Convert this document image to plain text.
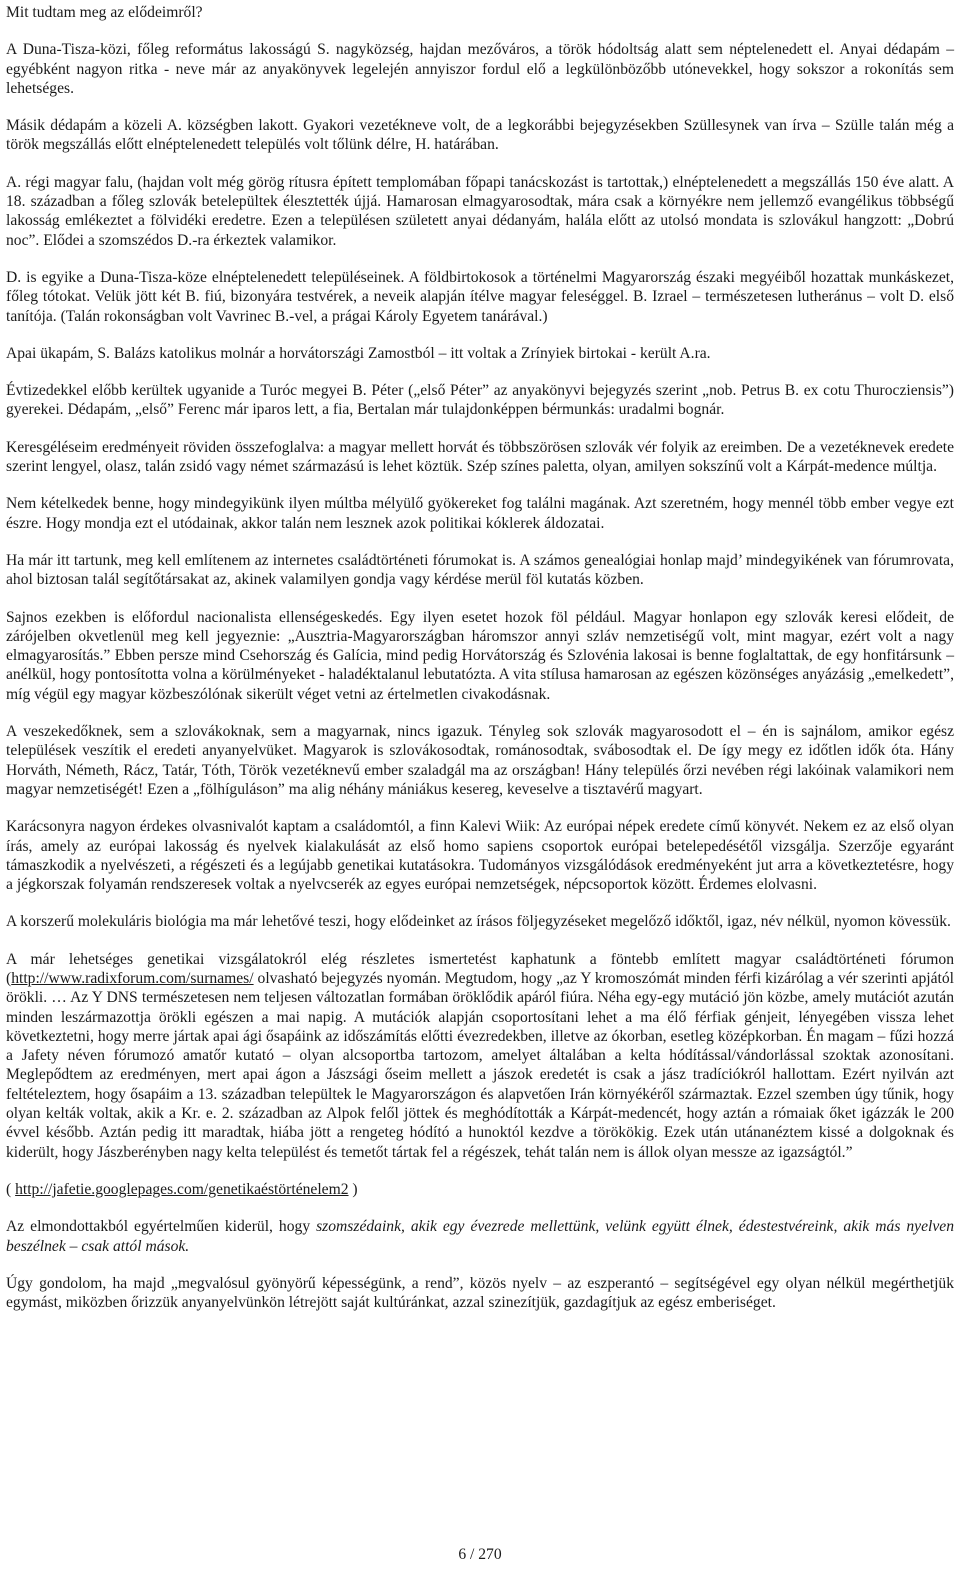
Mit tudtam meg az elődeimről?

A Duna-Tisza-közi, főleg református lakosságú S. nagyközség, hajdan mezőváros, a török hódoltság alatt sem néptelenedett el. Anyai dédapám – egyébként nagyon ritka - neve már az anyakönyvek legelején annyiszor fordul elő a legkülönbözőbb utónevekkel, hogy sokszor a rokonítás sem lehetséges.

Másik dédapám a közeli A. községben lakott. Gyakori vezetékneve volt, de a legkorábbi bejegyzésekben Szüllesynek van írva – Szülle talán még a török megszállás előtt elnéptelenedett település volt tőlünk délre, H. határában.

A. régi magyar falu, (hajdan volt még görög rítusra épített templomában főpapi tanácskozást is tartottak,) elnéptelenedett a megszállás 150 éve alatt. A 18. században a főleg szlovák betelepültek élesztették újjá. Hamarosan elmagyarosodtak, mára csak a környékre nem jellemző evangélikus többségű lakosság emlékeztet a fölvidéki eredetre. Ezen a településen született anyai dédanyám, halála előtt az utolsó mondata is szlovákul hangzott: „Dobrú noc”. Elődei a szomszédos D.-ra érkeztek valamikor.

D. is egyike a Duna-Tisza-köze elnéptelenedett településeinek. A földbirtokosok a történelmi Magyarország északi megyéiből hozattak munkáskezet, főleg tótokat. Velük jött két B. fiú, bizonyára testvérek, a neveik alapján ítélve magyar feleséggel. B. Izrael – természetesen lutheránus – volt D. első tanítója. (Talán rokonságban volt Vavrinec B.-vel, a prágai Károly Egyetem tanárával.)

Apai ükapám, S. Balázs katolikus molnár a horvátországi Zamostból – itt voltak a Zrínyiek birtokai - került A.ra.

Évtizedekkel előbb kerültek ugyanide a Turóc megyei B. Péter („első Péter” az anyakönyvi bejegyzés szerint „nob. Petrus B. ex cotu Thurocziensis”) gyerekei. Dédapám, „első” Ferenc már iparos lett, a fia, Bertalan már tulajdonképpen bérmunkás: uradalmi bognár.

Keresgéléseim eredményeit röviden összefoglalva: a magyar mellett horvát és többszörösen szlovák vér folyik az ereimben. De a vezetéknevek eredete szerint lengyel, olasz, talán zsidó vagy német származású is lehet köztük. Szép színes paletta, olyan, amilyen sokszínű volt a Kárpát-medence múltja.

Nem kételkedek benne, hogy mindegyikünk ilyen múltba mélyülő gyökereket fog találni magának. Azt szeretném, hogy mennél több ember vegye ezt észre. Hogy mondja ezt el utódainak, akkor talán nem lesznek azok politikai kóklerek áldozatai.

Ha már itt tartunk, meg kell említenem az internetes családtörténeti fórumokat is. A számos genealógiai honlap majd’ mindegyikének van fórumrovata, ahol biztosan talál segítőtársakat az, akinek valamilyen gondja vagy kérdése merül föl kutatás közben.

Sajnos ezekben is előfordul nacionalista ellenségeskedés. Egy ilyen esetet hozok föl például. Magyar honlapon egy szlovák keresi elődeit, de zárójelben okvetlenül meg kell jegyeznie: „Ausztria-Magyarországban háromszor annyi szláv nemzetiségű volt, mint magyar, ezért volt a nagy elmagyarosítás.” Ebben persze mind Csehország és Galícia, mind pedig Horvátország és Szlovénia lakosai is benne foglaltattak, de egy honfitársunk – anélkül, hogy pontosította volna a körülményeket - haladéktalanul lebutatózta. A vita stílusa hamarosan az egészen közönséges anyázásig „emelkedett”, míg végül egy magyar közbeszólónak sikerült véget vetni az értelmetlen civakodásnak.

A veszekedőknek, sem a szlovákoknak, sem a magyarnak, nincs igazuk. Tényleg sok szlovák magyarosodott el – én is sajnálom, amikor egész települések veszítik el eredeti anyanyelvüket. Magyarok is szlovákosodtak, románosodtak, svábosodtak el. De így megy ez időtlen idők óta. Hány Horváth, Németh, Rácz, Tatár, Tóth, Török vezetéknevű ember szaladgál ma az országban! Hány település őrzi nevében régi lakóinak valamikori nem magyar nemzetiségét! Ezen a „fölhíguláson” ma alig néhány mániákus kesereg, keveselve a tisztavérű magyart.

Karácsonyra nagyon érdekes olvasnivalót kaptam a családomtól, a finn Kalevi Wiik: Az európai népek eredete című könyvét. Nekem ez az első olyan írás, amely az európai lakosság és nyelvek kialakulását az első homo sapiens csoportok európai betelepedésétől vizsgálja. Szerzője egyaránt támaszkodik a nyelvészeti, a régészeti és a legújabb genetikai kutatásokra. Tudományos vizsgálódások eredményeként jut arra a következtetésre, hogy a jégkorszak folyamán rendszeresek voltak a nyelvcserék az egyes európai nemzetségek, népcsoportok között. Érdemes elolvasni.

A korszerű molekuláris biológia ma már lehetővé teszi, hogy elődeinket az írásos följegyzéseket megelőző időktől, igaz, név nélkül, nyomon kövessük.

A már lehetséges genetikai vizsgálatokról elég részletes ismertetést kaphatunk a föntebb említett magyar családtörténeti fórumon (http://www.radixforum.com/surnames/ olvasható bejegyzés nyomán. Megtudom, hogy „az Y kromoszómát minden férfi kizárólag a vér szerinti apjától örökli. … Az Y DNS természetesen nem teljesen változatlan formában öröklődik apáról fiúra. Néha egy-egy mutáció jön közbe, amely mutációt azután minden leszármazottja örökli egészen a mai napig. A mutációk alapján csoportosítani lehet a ma élő férfiak génjeit, lényegében vissza lehet következtetni, hogy merre jártak apai ági ősapáink az időszámítás előtti évezredekben, illetve az ókorban, esetleg középkorban. Én magam – fűzi hozzá a Jafety néven fórumozó amatőr kutató – olyan alcsoportba tartozom, amelyet általában a kelta hódítással/vándorlással szoktak azonosítani. Meglepődtem az eredményen, mert apai ágon a Jászsági őseim mellett a jászok eredetét is csak a jász tradíciókról hallottam. Ezért nyilván azt feltételeztem, hogy ősapáim a 13. században települtek le Magyarországon és alapvetően Irán környékéről származtak. Ezzel szemben úgy tűnik, hogy olyan kelták voltak, akik a Kr. e. 2. században az Alpok felől jöttek és meghódították a Kárpát-medencét, hogy aztán a rómaiak őket igázzák le 200 évvel később. Aztán pedig itt maradtak, hiába jött a rengeteg hódító a hunoktól kezdve a törökökig. Ezek után utánanéztem kissé a dolgoknak és kiderült, hogy Jászberényben nagy kelta települést és temetőt tártak fel a régészek, tehát talán nem is állok olyan messze az igazságtól.”

( http://jafetie.googlepages.com/genetikaéstörténelem2 )

Az elmondottakból egyértelműen kiderül, hogy szomszédaink, akik egy évezrede mellettünk, velünk együtt élnek, édestestvéreink, akik más nyelven beszélnek – csak attól mások.

Úgy gondolom, ha majd „megvalósul gyönyörű képességünk, a rend”, közös nyelv – az eszperantó – segítségével egy olyan nélkül megérthetjük egymást, miközben őrizzük anyanyelvünkön létrejött saját kultúránkat, azzal szinezítjük, gazdagítjuk az egész emberiséget.

6 / 270
